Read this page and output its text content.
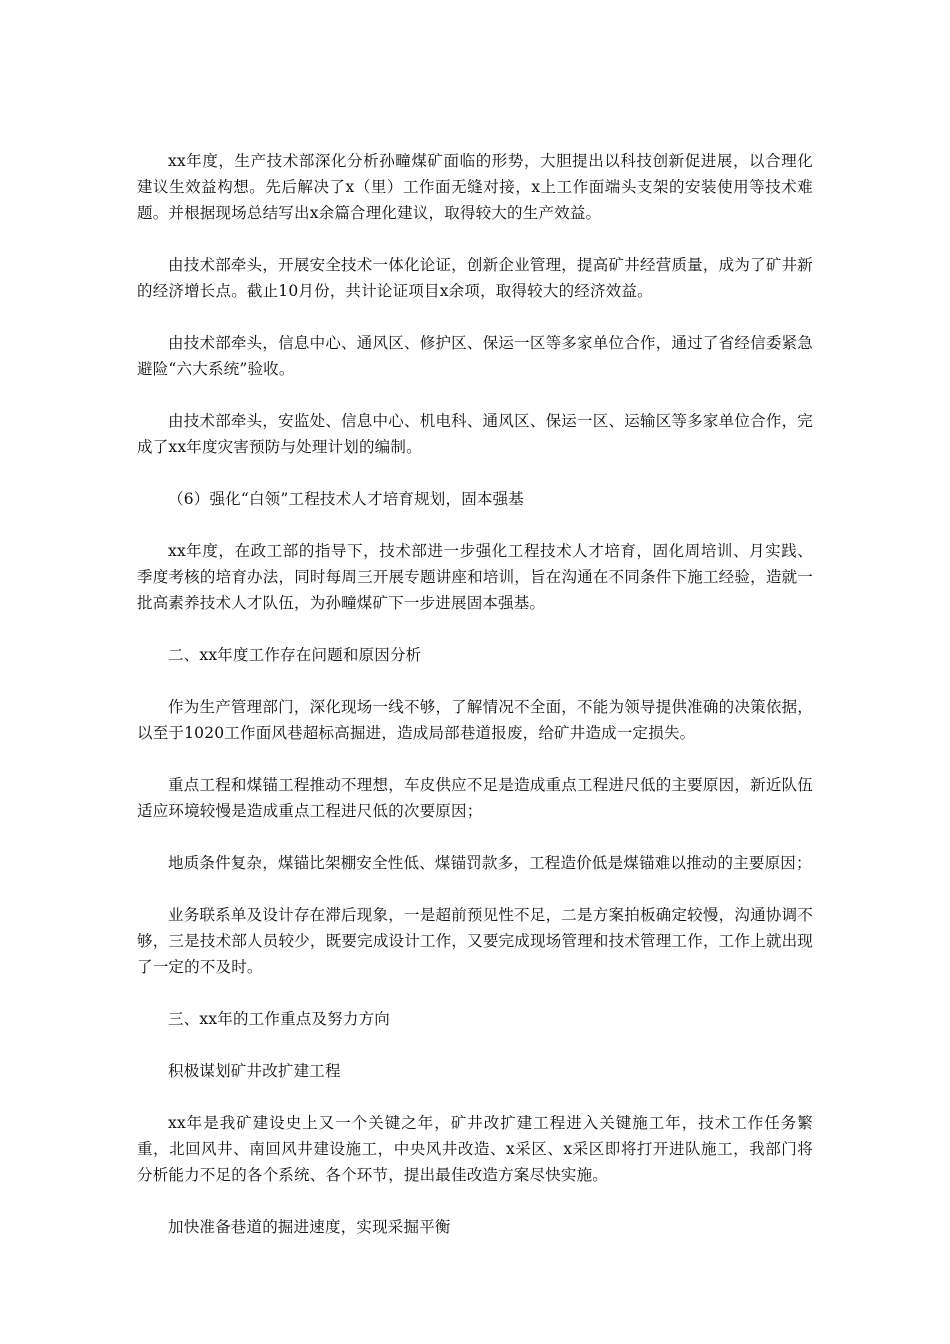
xx年度，生产技术部深化分析孙疃煤矿面临的形势，大胆提出以科技创新促进展，以合理化建议生效益构想。先后解决了x（里）工作面无缝对接，x上工作面端头支架的安装使用等技术难题。并根据现场总结写出x余篇合理化建议，取得较大的生产效益。

由技术部牵头，开展安全技术一体化论证，创新企业管理，提高矿井经营质量，成为了矿井新的经济增长点。截止10月份，共计论证项目x余项，取得较大的经济效益。

由技术部牵头，信息中心、通风区、修护区、保运一区等多家单位合作，通过了省经信委紧急避险“六大系统”验收。

由技术部牵头，安监处、信息中心、机电科、通风区、保运一区、运输区等多家单位合作，完成了xx年度灾害预防与处理计划的编制。

（6）强化“白领”工程技术人才培育规划，固本强基

xx年度，在政工部的指导下，技术部进一步强化工程技术人才培育，固化周培训、月实践、季度考核的培育办法，同时每周三开展专题讲座和培训，旨在沟通在不同条件下施工经验，造就一批高素养技术人才队伍，为孙疃煤矿下一步进展固本强基。

二、xx年度工作存在问题和原因分析

作为生产管理部门，深化现场一线不够，了解情况不全面，不能为领导提供准确的决策依据，以至于1020工作面风巷超标高掘进，造成局部巷道报废，给矿井造成一定损失。

重点工程和煤锚工程推动不理想，车皮供应不足是造成重点工程进尺低的主要原因，新近队伍适应环境较慢是造成重点工程进尺低的次要原因；

地质条件复杂，煤锚比架棚安全性低、煤锚罚款多，工程造价低是煤锚难以推动的主要原因；

业务联系单及设计存在滞后现象，一是超前预见性不足，二是方案拍板确定较慢，沟通协调不够，三是技术部人员较少，既要完成设计工作，又要完成现场管理和技术管理工作，工作上就出现了一定的不及时。

三、xx年的工作重点及努力方向

积极谋划矿井改扩建工程

xx年是我矿建设史上又一个关键之年，矿井改扩建工程进入关键施工年，技术工作任务繁重，北回风井、南回风井建设施工，中央风井改造、x采区、x采区即将打开进队施工，我部门将分析能力不足的各个系统、各个环节，提出最佳改造方案尽快实施。

加快准备巷道的掘进速度，实现采掘平衡
